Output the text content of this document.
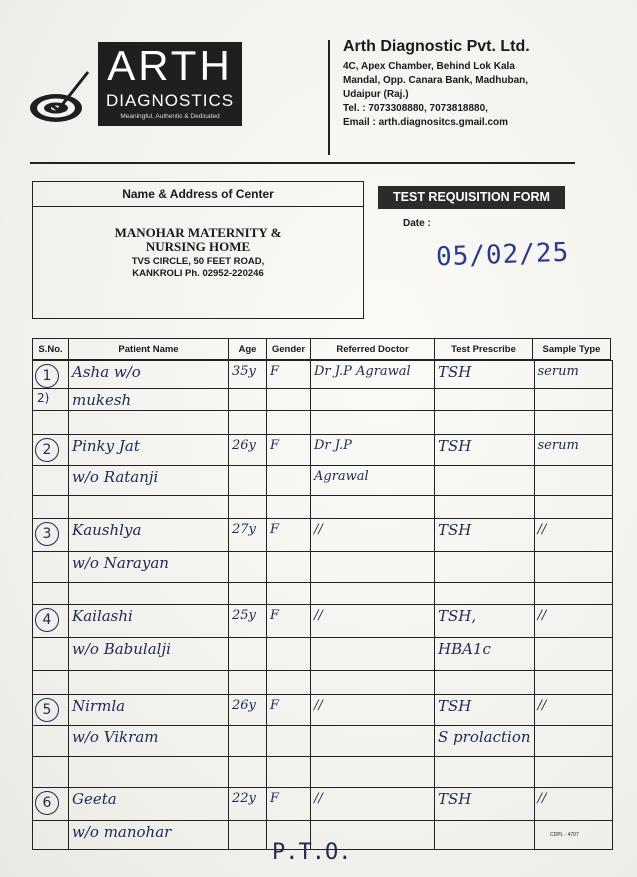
ARTH
DIAGNOSTICS
Meaningful, Authentic & Dedicated
Arth Diagnostic Pvt. Ltd.
4C, Apex Chamber, Behind Lok Kala
Mandal, Opp. Canara Bank, Madhuban,
Udaipur (Raj.)
Tel. : 7073308880, 7073818880,
Email : arth.diagnositcs.gmail.com
Name & Address of Center
MANOHAR MATERNITY &
NURSING HOME
TVS CIRCLE, 50 FEET ROAD,
KANKROLI Ph. 02952-220246
TEST REQUISITION FORM
Date :
05/02/25
S.No.	Patient Name	Age	Gender	Referred Doctor	Test Prescribe	Sample Type
1	Asha w/o	35y	F	Dr J.P Agrawal	TSH	serum

2)	mukesh					

2	Pinky Jat	26y	F	Dr J.P	TSH	serum

	w/o Ratanji			Agrawal		

3	Kaushlya	27y	F	//	TSH	//

	w/o Narayan					

4	Kailashi	25y	F	//	TSH,	//

	w/o Babulalji				HBA1c	

5	Nirmla	26y	F	//	TSH	//

	w/o Vikram				S prolaction	

6	Geeta	22y	F	//	TSH	//

	w/o manohar					
						CDPL - 4707
P.T.O.
